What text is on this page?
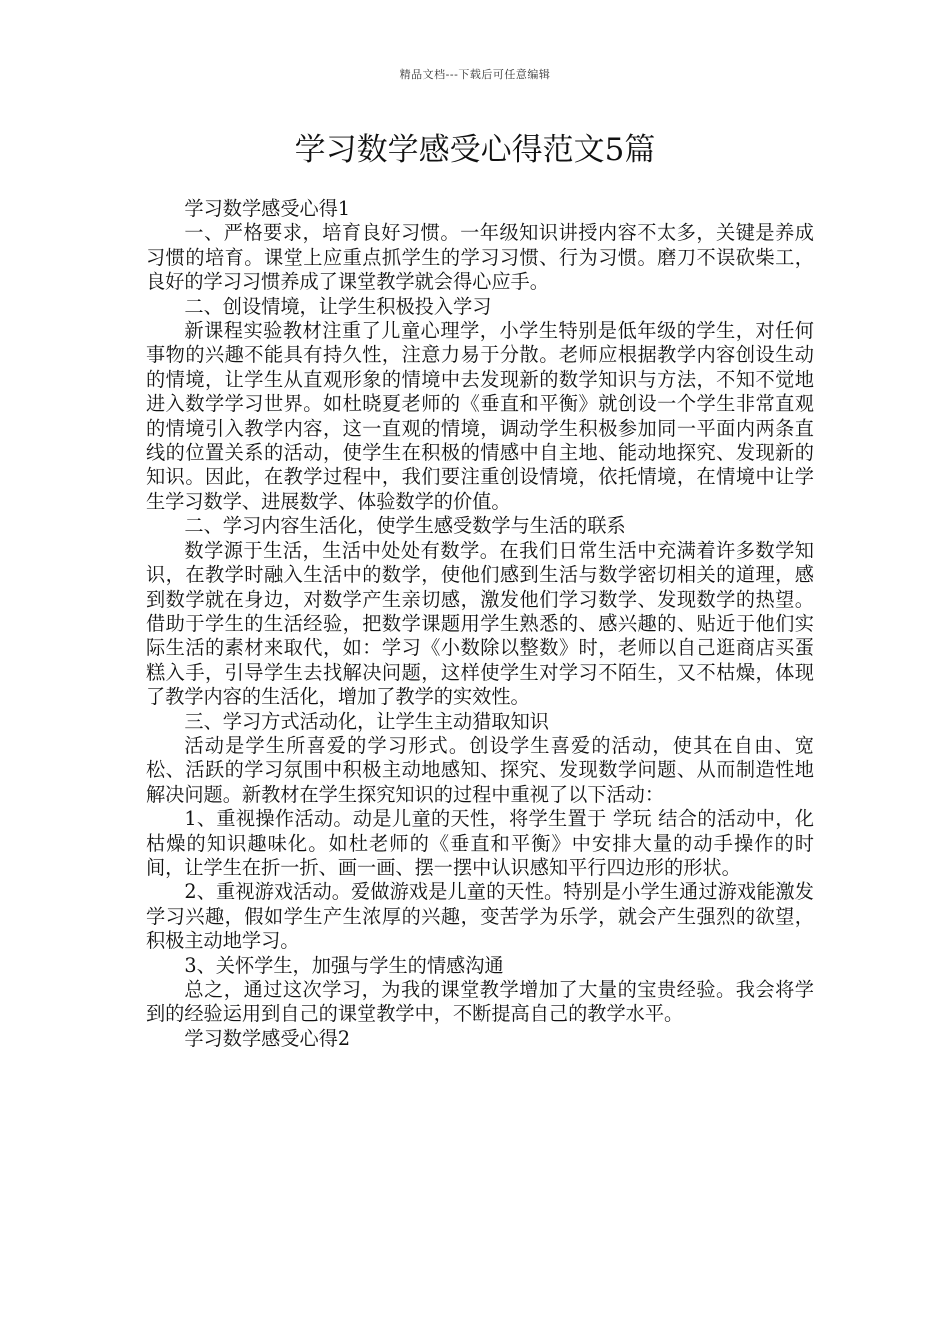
精品文档---下载后可任意编辑
学习数学感受心得范文5篇

学习数学感受心得1

一、严格要求，培育良好习惯。一年级知识讲授内容不太多，关键是养成习惯的培育。课堂上应重点抓学生的学习习惯、行为习惯。磨刀不误砍柴工，良好的学习习惯养成了课堂教学就会得心应手。

二、创设情境，让学生积极投入学习

新课程实验教材注重了儿童心理学，小学生特别是低年级的学生，对任何事物的兴趣不能具有持久性，注意力易于分散。老师应根据教学内容创设生动的情境，让学生从直观形象的情境中去发现新的数学知识与方法，不知不觉地进入数学学习世界。如杜晓夏老师的《垂直和平衡》就创设一个学生非常直观的情境引入教学内容，这一直观的情境，调动学生积极参加同一平面内两条直线的位置关系的活动，使学生在积极的情感中自主地、能动地探究、发现新的知识。因此，在教学过程中，我们要注重创设情境，依托情境，在情境中让学生学习数学、进展数学、体验数学的价值。

二、学习内容生活化，使学生感受数学与生活的联系

数学源于生活，生活中处处有数学。在我们日常生活中充满着许多数学知识，在教学时融入生活中的数学，使他们感到生活与数学密切相关的道理，感到数学就在身边，对数学产生亲切感，激发他们学习数学、发现数学的热望。借助于学生的生活经验，把数学课题用学生熟悉的、感兴趣的、贴近于他们实际生活的素材来取代，如：学习《小数除以整数》时，老师以自己逛商店买蛋糕入手，引导学生去找解决问题，这样使学生对学习不陌生，又不枯燥，体现了教学内容的生活化，增加了教学的实效性。

三、学习方式活动化，让学生主动猎取知识

活动是学生所喜爱的学习形式。创设学生喜爱的活动，使其在自由、宽松、活跃的学习氛围中积极主动地感知、探究、发现数学问题、从而制造性地解决问题。新教材在学生探究知识的过程中重视了以下活动：

1、重视操作活动。动是儿童的天性，将学生置于 学玩 结合的活动中，化枯燥的知识趣味化。如杜老师的《垂直和平衡》中安排大量的动手操作的时间，让学生在折一折、画一画、摆一摆中认识感知平行四边形的形状。

2、重视游戏活动。爱做游戏是儿童的天性。特别是小学生通过游戏能激发学习兴趣，假如学生产生浓厚的兴趣，变苦学为乐学，就会产生强烈的欲望，积极主动地学习。

3、关怀学生，加强与学生的情感沟通

总之，通过这次学习，为我的课堂教学增加了大量的宝贵经验。我会将学到的经验运用到自己的课堂教学中，不断提高自己的教学水平。

学习数学感受心得2
